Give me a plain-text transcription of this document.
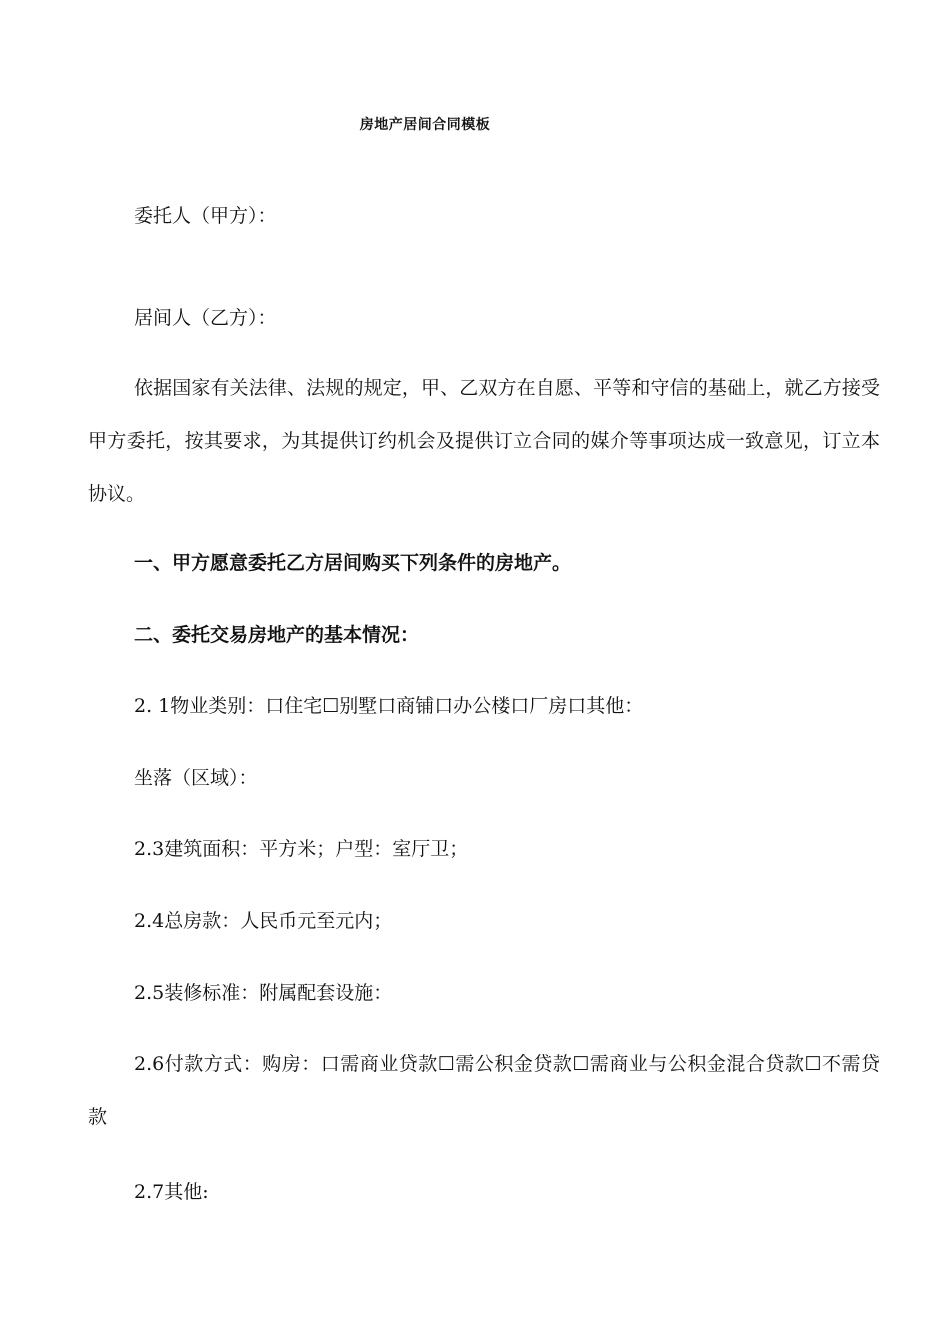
房地产居间合同模板
委托人（甲方）：
居间人（乙方）：
依据国家有关法律、法规的规定，甲、乙双方在自愿、平等和守信的基础上，就乙方接受甲方委托，按其要求，为其提供订约机会及提供订立合同的媒介等事项达成一致意见，订立本协议。
一、甲方愿意委托乙方居间购买下列条件的房地产。
二、委托交易房地产的基本情况：
2. 1物业类别：口住宅☐别墅口商铺口办公楼口厂房口其他：
坐落（区域）：
2.3建筑面积：平方米；户型：室厅卫；
2.4总房款：人民币元至元内；
2.5装修标准：附属配套设施：
2.6付款方式：购房：口需商业贷款☐需公积金贷款☐需商业与公积金混合贷款☐不需贷款
2.7其他:
